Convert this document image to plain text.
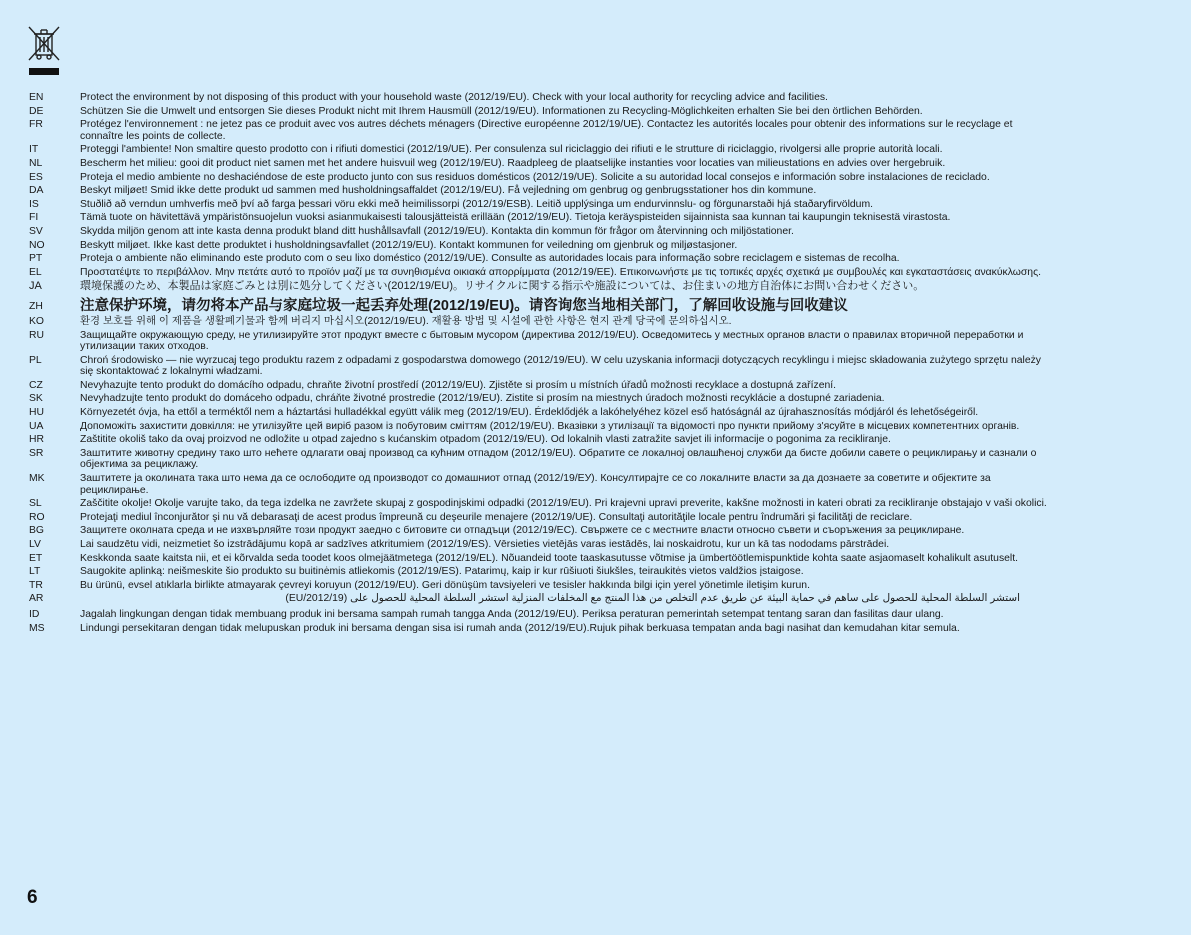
EN	Protect the environment by not disposing of this product with your household waste (2012/19/EU). Check with your local authority for recycling advice and facilities.
DE	Schützen Sie die Umwelt und entsorgen Sie dieses Produkt nicht mit Ihrem Hausmüll (2012/19/EU). Informationen zu Recycling-Möglichkeiten erhalten Sie bei den örtlichen Behörden.
FR	Protégez l'environnement : ne jetez pas ce produit avec vos autres déchets ménagers (Directive européenne 2012/19/UE). Contactez les autorités locales pour obtenir des informations sur le recyclage et connaître les points de collecte.
IT	Proteggi l'ambiente! Non smaltire questo prodotto con i rifiuti domestici (2012/19/UE). Per consulenza sul riciclaggio dei rifiuti e le strutture di riciclaggio, rivolgersi alle proprie autorità locali.
NL	Bescherm het milieu: gooi dit product niet samen met het andere huisvuil weg (2012/19/EU). Raadpleeg de plaatselijke instanties voor locaties van milieustations en advies over hergebruik.
ES	Proteja el medio ambiente no deshaciéndose de este producto junto con sus residuos domésticos (2012/19/UE). Solicite a su autoridad local consejos e información sobre instalaciones de reciclado.
DA	Beskyt miljøet! Smid ikke dette produkt ud sammen med husholdningsaffaldet (2012/19/EU). Få vejledning om genbrug og genbrugsstationer hos din kommune.
IS	Stuðlið að verndun umhverfis með því að farga þessari vöru ekki með heimilissorpi (2012/19/ESB). Leitið upplýsinga um endurvinnslu- og förgunarstaði hjá staðaryfirvöldum.
FI	Tämä tuote on hävitettävä ympäristönsuojelun vuoksi asianmukaisesti talousjätteistä erillään (2012/19/EU). Tietoja keräyspisteiden sijainnista saa kunnan tai kaupungin teknisestä virastosta.
SV	Skydda miljön genom att inte kasta denna produkt bland ditt hushållsavfall (2012/19/EU). Kontakta din kommun för frågor om återvinning och miljöstationer.
NO	Beskytt miljøet. Ikke kast dette produktet i husholdningsavfallet (2012/19/EU). Kontakt kommunen for veiledning om gjenbruk og miljøstasjoner.
PT	Proteja o ambiente não eliminando este produto com o seu lixo doméstico (2012/19/UE). Consulte as autoridades locais para informação sobre reciclagem e sistemas de recolha.
EL	Προστατέψτε το περιβάλλον. Μην πετάτε αυτό το προϊόν μαζί με τα συνηθισμένα οικιακά απορρίμματα (2012/19/ΕΕ). Επικοινωνήστε με τις τοπικές αρχές σχετικά με συμβουλές και εγκαταστάσεις ανακύκλωσης.
JA	環境保護のため、本製品は家庭ごみとは別に処分してください(2012/19/EU)。リサイクルに関する指示や施設については、お住まいの地方自治体にお問い合わせください。
ZH	注意保护环境，请勿将本产品与家庭垃圾一起丢弃处理(2012/19/EU)。请咨询您当地相关部门，了解回收设施与回收建议
KO	환경 보호를 위해 이 제품을 생활폐기물과 함께 버리지 마십시오(2012/19/EU). 재활용 방법 및 시설에 관한 사항은 현지 관계 당국에 문의하십시오.
RU	Защищайте окружающую среду, не утилизируйте этот продукт вместе с бытовым мусором (директива 2012/19/EU). Осведомитесь у местных органов власти о правилах вторичной переработки и утилизации таких отходов.
PL	Chroń środowisko — nie wyrzucaj tego produktu razem z odpadami z gospodarstwa domowego (2012/19/EU). W celu uzyskania informacji dotyczących recyklingu i miejsc składowania zużytego sprzętu należy się skontaktować z lokalnymi władzami.
CZ	Nevyhazujte tento produkt do domácího odpadu, chraňte životní prostředí (2012/19/EU). Zjistěte si prosím u místních úřadů možnosti recyklace a dostupná zařízení.
SK	Nevyhadzujte tento produkt do domáceho odpadu, chráňte životné prostredie (2012/19/EU). Zistite si prosím na miestnych úradoch možnosti recyklácie a dostupné zariadenia.
HU	Környezetét óvja, ha ettől a terméktől nem a háztartási hulladékkal együtt válik meg (2012/19/EU). Érdeklődjék a lakóhelyéhez közel eső hatóságnál az újrahasznosítás módjáról és lehetőségeiről.
UA	Допоможіть захистити довкілля: не утилізуйте цей виріб разом із побутовим сміттям (2012/19/EU). Вказівки з утилізації та відомості про пункти прийому з'ясуйте в місцевих компетентних органів.
HR	Zaštitite okoliš tako da ovaj proizvod ne odložite u otpad zajedno s kućanskim otpadom (2012/19/EU). Od lokalnih vlasti zatražite savjet ili informacije o pogonima za recikliranje.
SR	Заштитите животну средину тако што нећете одлагати овај производ са кућним отпадом (2012/19/EU). Обратите се локалној овлашћеној служби да бисте добили савете о рециклирању и сазнали о објектима за рециклажу.
MK	Заштитете ја околината така што нема да се ослободите од производот со домашниот отпад (2012/19/ЕУ). Консултирајте се со локалните власти за да дознаете за советите и објектите за рециклирање.
SL	Zaščitite okolje! Okolje varujte tako, da tega izdelka ne zavržete skupaj z gospodinjskimi odpadki (2012/19/EU). Pri krajevni upravi preverite, kakšne možnosti in kateri obrati za recikliranje obstajajo v vaši okolici.
RO	Protejaţi mediul înconjurător şi nu vă debarasaţi de acest produs împreună cu deşeurile menajere (2012/19/UE). Consultaţi autorităţile locale pentru îndrumări şi facilităţi de reciclare.
BG	Защитете околната среда и не изхвърляйте този продукт заедно с битовите си отпадъци (2012/19/ЕС). Свържете се с местните власти относно съвети и съоръжения за рециклиране.
LV	Lai saudzētu vidi, neizmetiet šo izstrādājumu kopā ar sadzīves atkritumiem (2012/19/ES). Vērsieties vietējās varas iestādēs, lai noskaidrotu, kur un kā tas nododams pārstrādei.
ET	Keskkonda saate kaitsta nii, et ei kõrvalda seda toodet koos olmejäätmetega (2012/19/EL). Nõuandeid toote taaskasutusse võtmise ja ümbertöötlemispunktide kohta saate asjaomaselt kohalikult asutuselt.
LT	Saugokite aplinką: neišmeskite šio produkto su buitinėmis atliekomis (2012/19/ES). Patarimų, kaip ir kur rūšiuoti šiukšles, teiraukitės vietos valdžios įstaigose.
TR	Bu ürünü, evsel atıklarla birlikte atmayarak çevreyi koruyun (2012/19/EU). Geri dönüşüm tavsiyeleri ve tesisler hakkında bilgi için yerel yönetimle iletişim kurun.
AR	استشر السلطة المحلية للحصول على ساهم في حماية البيئة عن طريق عدم التخلص من هذا المنتج مع المخلفات المنزلية استشر السلطة المحلية للحصول على (2012/19/EU)
ID	Jagalah lingkungan dengan tidak membuang produk ini bersama sampah rumah tangga Anda (2012/19/EU). Periksa peraturan pemerintah setempat tentang saran dan fasilitas daur ulang.
MS	Lindungi persekitaran dengan tidak melupuskan produk ini bersama dengan sisa isi rumah anda (2012/19/EU).Rujuk pihak berkuasa tempatan anda bagi nasihat dan kemudahan kitar semula.
6
